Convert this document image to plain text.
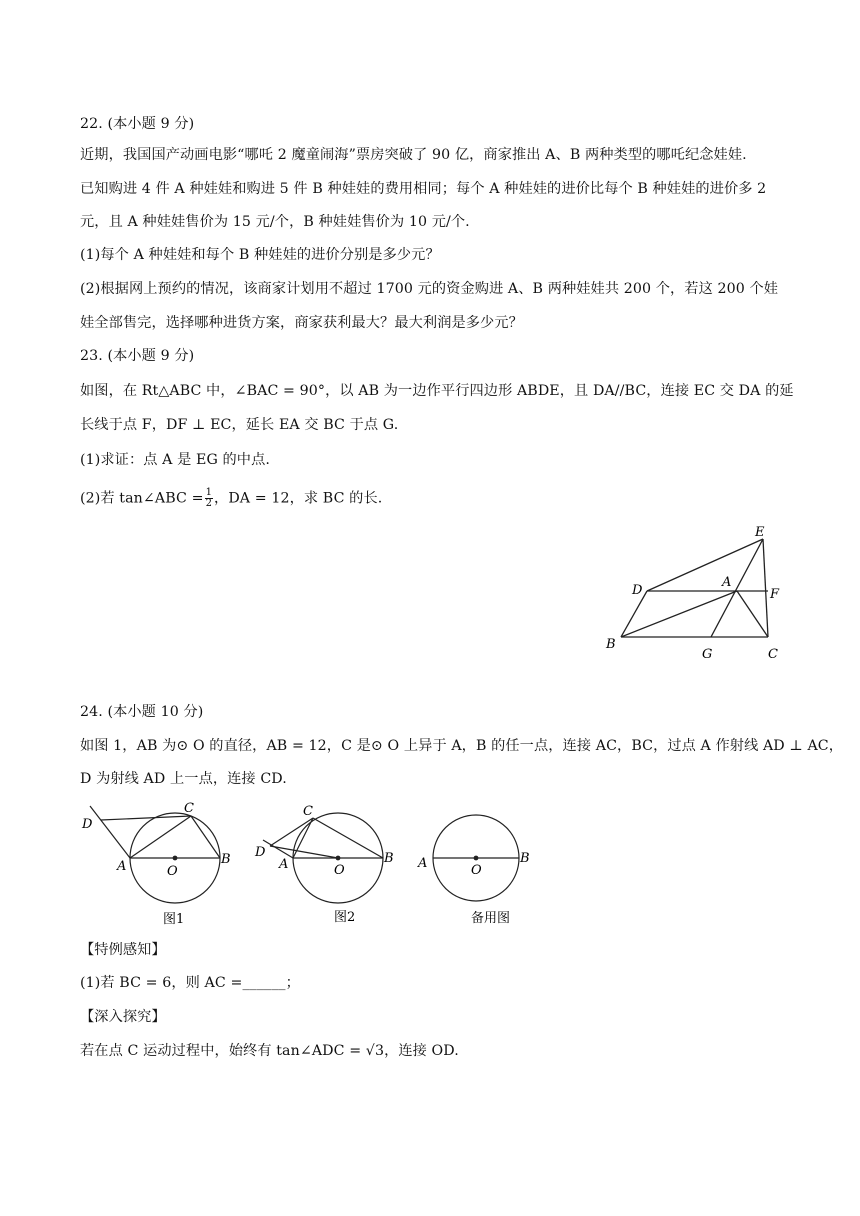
22. (本小题 9 分)
近期，我国国产动画电影“哪吒 2 魔童闹海”票房突破了 90 亿，商家推出 A、B 两种类型的哪吒纪念娃娃.
已知购进 4 件 A 种娃娃和购进 5 件 B 种娃娃的费用相同；每个 A 种娃娃的进价比每个 B 种娃娃的进价多 2
元，且 A 种娃娃售价为 15 元/个，B 种娃娃售价为 10 元/个.
(1)每个 A 种娃娃和每个 B 种娃娃的进价分别是多少元？
(2)根据网上预约的情况，该商家计划用不超过 1700 元的资金购进 A、B 两种娃娃共 200 个，若这 200 个娃
娃全部售完，选择哪种进货方案，商家获利最大？最大利润是多少元？
23. (本小题 9 分)
如图，在 Rt△ABC 中，∠BAC = 90°，以 AB 为一边作平行四边形 ABDE，且 DA//BC，连接 EC 交 DA 的延
长线于点 F，DF ⊥ EC，延长 EA 交 BC 于点 G.
(1)求证：点 A 是 EG 的中点.
(2)若 tan∠ABC = $\frac{1}{2}$ ，DA = 12，求 BC 的长.
E
D
A
F
B
G	C
24. (本小题 10 分)
如图 1，AB 为⊙ O 的直径，AB = 12，C 是⊙ O 上异于 A，B 的任一点，连接 AC，BC，过点 A 作射线 AD ⊥ AC，
D 为射线 AD 上一点，连接 CD.
D
C
A	B
O
图1
D
C
A	B
O
图2
A	B
O
备用图
【特例感知】
(1)若 BC = 6，则 AC =______；
【深入探究】
若在点 C 运动过程中，始终有 tan∠ADC = √3，连接 OD.
